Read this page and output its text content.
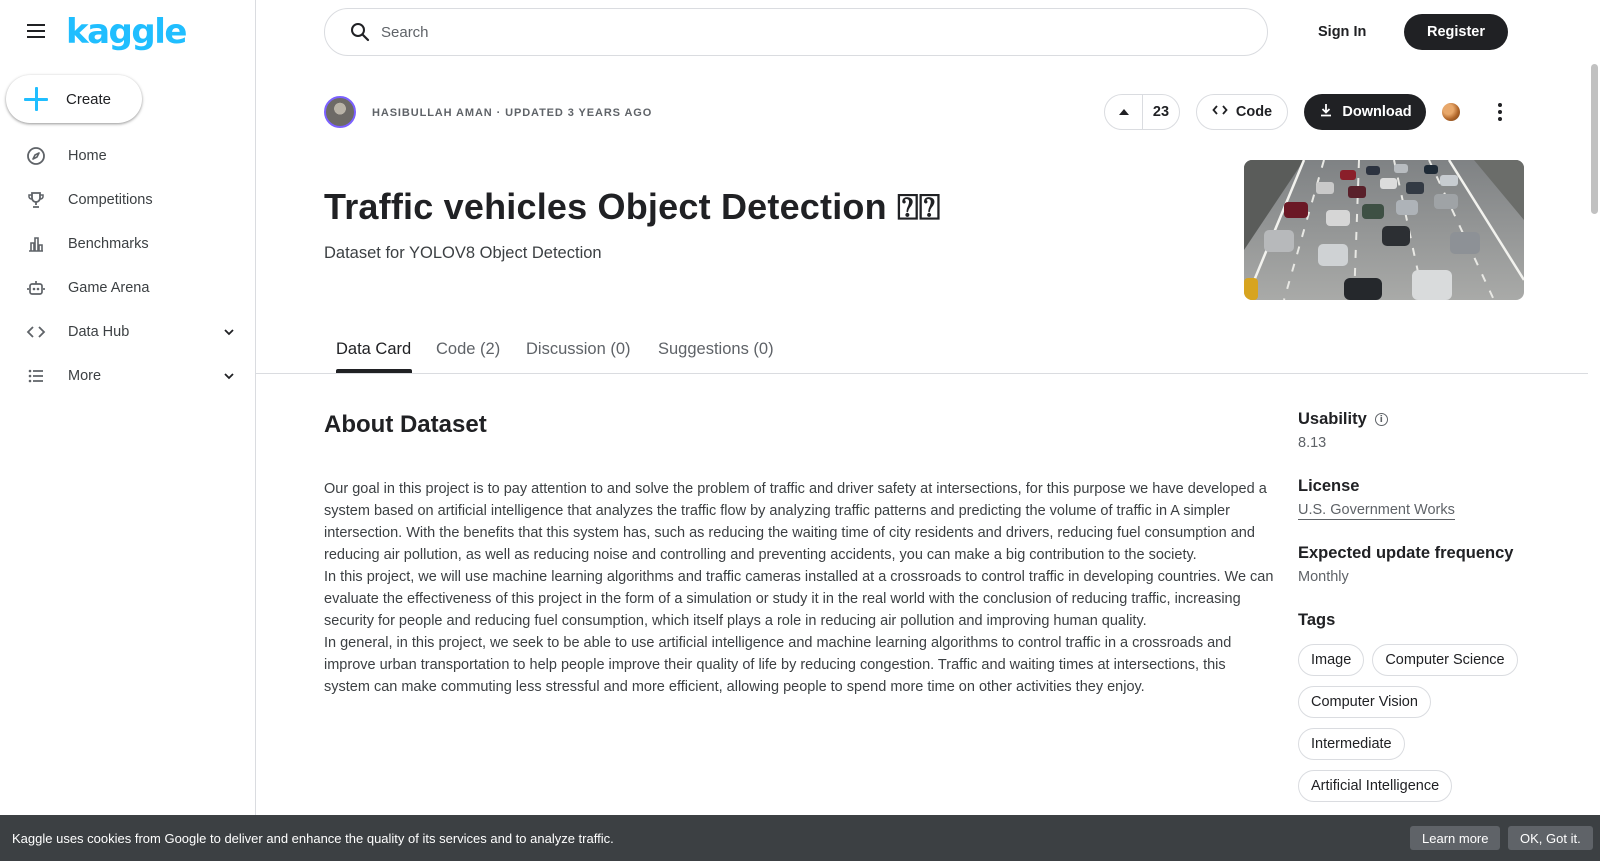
kaggle
Create
Home
Competitions
Benchmarks
Game Arena
Data Hub
More
Search
Sign In	Register
HASIBULLAH AMAN · UPDATED 3 YEARS AGO	23	Code	Download
Traffic vehicles Object Detection ⍰⍰
Dataset for YOLOV8 Object Detection
Data Card Code (2) Discussion (0) Suggestions (0)
About Dataset

Our goal in this project is to pay attention to and solve the problem of traffic and driver safety at intersections, for this purpose we have developed a system based on artificial intelligence that analyzes the traffic flow by analyzing traffic patterns and predicting the volume of traffic in A simpler intersection. With the benefits that this system has, such as reducing the waiting time of city residents and drivers, reducing fuel consumption and reducing air pollution, as well as reducing noise and controlling and preventing accidents, you can make a big contribution to the society.

In this project, we will use machine learning algorithms and traffic cameras installed at a crossroads to control traffic in developing countries. We can evaluate the effectiveness of this project in the form of a simulation or study it in the real world with the conclusion of reducing traffic, increasing security for people and reducing fuel consumption, which itself plays a role in reducing air pollution and improving human quality.

In general, in this project, we seek to be able to use artificial intelligence and machine learning algorithms to control traffic in a crossroads and improve urban transportation to help people improve their quality of life by reducing congestion. Traffic and waiting times at intersections, this system can make commuting less stressful and more efficient, allowing people to spend more time on other activities they enjoy.

Usability	i
8.13
License
U.S. Government Works
Expected update frequency
Monthly
Tags
Image	Computer Science
Computer Vision
Intermediate
Artificial Intelligence
Kaggle uses cookies from Google to deliver and enhance the quality of its services and to analyze traffic.	Learn more	OK, Got it.
